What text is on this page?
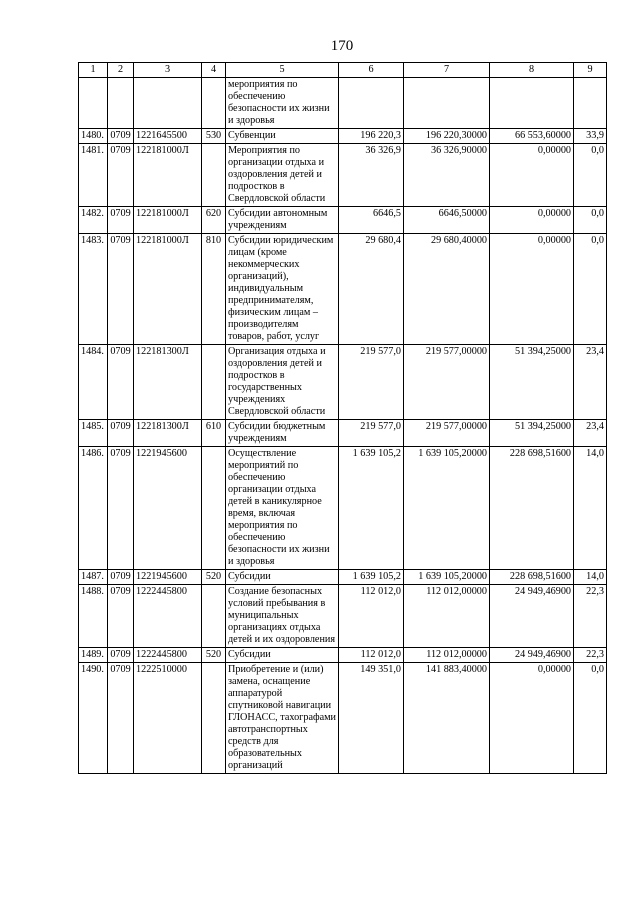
170
1	2	3	4	5	6	7	8	9
				мероприятия по обеспечению безопасности их жизни и здоровья				
1480.	0709	1221645500	530	Субвенции	196 220,3	196 220,30000	66 553,60000	33,9
1481.	0709	122181000Л		Мероприятия по организации отдыха и оздоровления детей и подростков в Свердловской области	36 326,9	36 326,90000	0,00000	0,0
1482.	0709	122181000Л	620	Субсидии автономным учреждениям	6646,5	6646,50000	0,00000	0,0
1483.	0709	122181000Л	810	Субсидии юридическим лицам (кроме некоммерческих организаций), индивидуальным предпринимателям, физическим лицам – производителям товаров, работ, услуг	29 680,4	29 680,40000	0,00000	0,0
1484.	0709	122181300Л		Организация отдыха и оздоровления детей и подростков в государственных учреждениях Свердловской области	219 577,0	219 577,00000	51 394,25000	23,4
1485.	0709	122181300Л	610	Субсидии бюджетным учреждениям	219 577,0	219 577,00000	51 394,25000	23,4
1486.	0709	1221945600		Осуществление мероприятий по обеспечению организации отдыха детей в каникулярное время, включая мероприятия по обеспечению безопасности их жизни и здоровья	1 639 105,2	1 639 105,20000	228 698,51600	14,0
1487.	0709	1221945600	520	Субсидии	1 639 105,2	1 639 105,20000	228 698,51600	14,0
1488.	0709	1222445800		Создание безопасных условий пребывания в муниципальных организациях отдыха детей и их оздоровления	112 012,0	112 012,00000	24 949,46900	22,3
1489.	0709	1222445800	520	Субсидии	112 012,0	112 012,00000	24 949,46900	22,3
1490.	0709	1222510000		Приобретение и (или) замена, оснащение аппаратурой спутниковой навигации ГЛОНАСС, тахографами автотранспортных средств для образовательных организаций	149 351,0	141 883,40000	0,00000	0,0
